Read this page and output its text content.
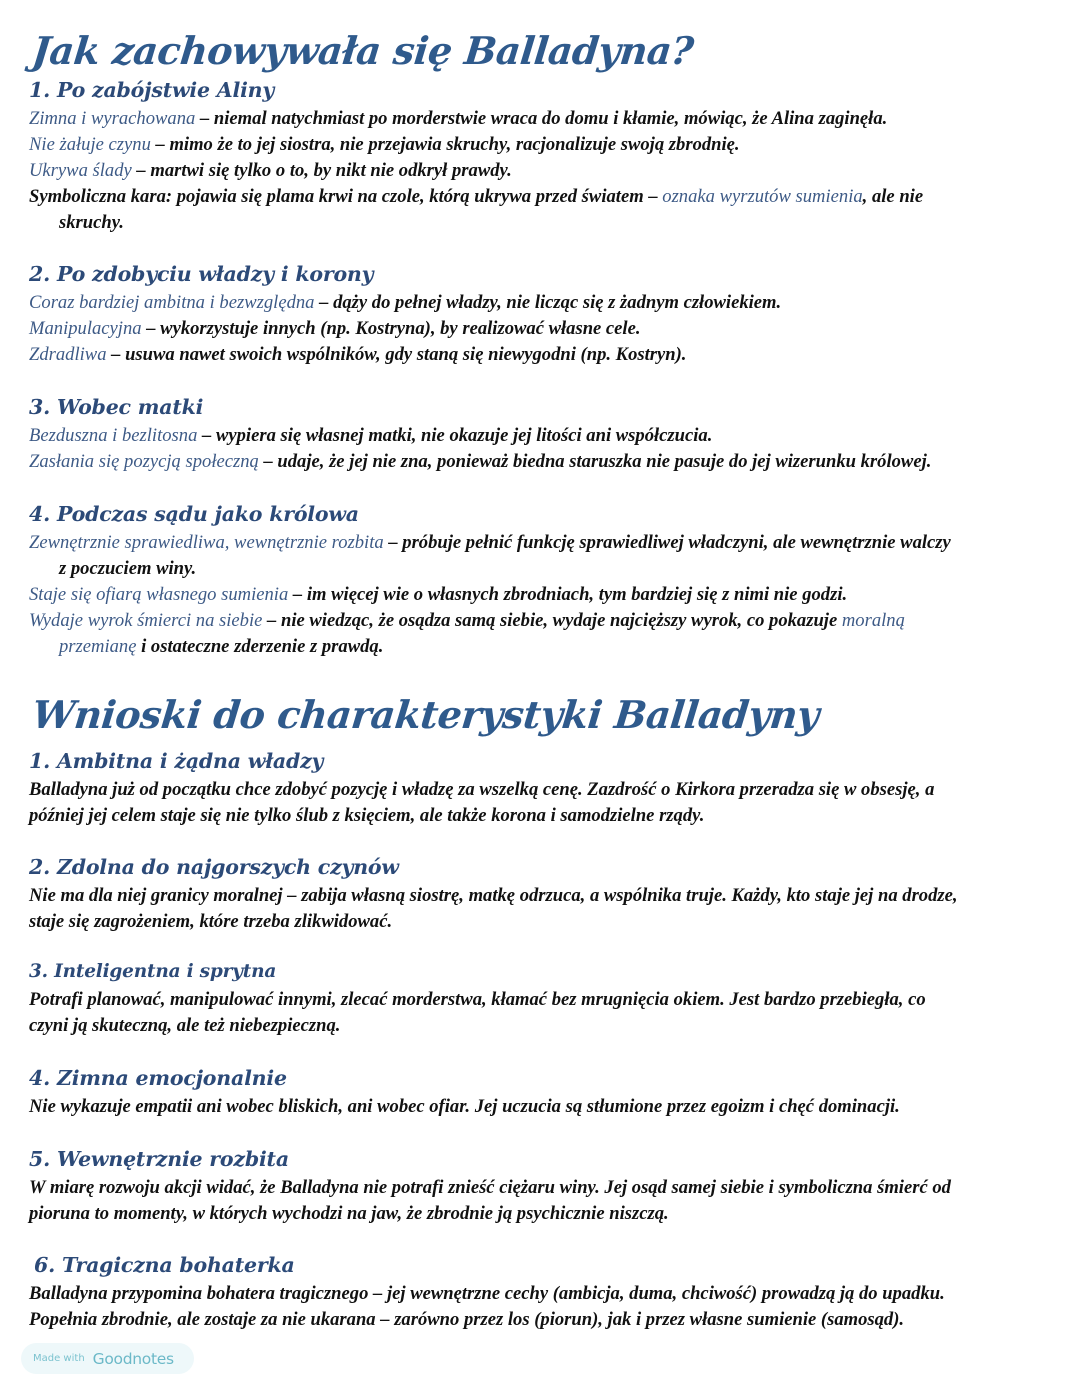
Jak zachowywała się Balladyna?
1. Po zabójstwie Aliny
Zimna i wyrachowana – niemal natychmiast po morderstwie wraca do domu i kłamie, mówiąc, że Alina zaginęła.
Nie żałuje czynu – mimo że to jej siostra, nie przejawia skruchy, racjonalizuje swoją zbrodnię.
Ukrywa ślady – martwi się tylko o to, by nikt nie odkrył prawdy.
Symboliczna kara: pojawia się plama krwi na czole, którą ukrywa przed światem – oznaka wyrzutów sumienia, ale nie
skruchy.
2. Po zdobyciu władzy i korony
Coraz bardziej ambitna i bezwzględna – dąży do pełnej władzy, nie licząc się z żadnym człowiekiem.
Manipulacyjna – wykorzystuje innych (np. Kostryna), by realizować własne cele.
Zdradliwa – usuwa nawet swoich wspólników, gdy staną się niewygodni (np. Kostryn).
3. Wobec matki
Bezduszna i bezlitosna – wypiera się własnej matki, nie okazuje jej litości ani współczucia.
Zasłania się pozycją społeczną – udaje, że jej nie zna, ponieważ biedna staruszka nie pasuje do jej wizerunku królowej.
4. Podczas sądu jako królowa
Zewnętrznie sprawiedliwa, wewnętrznie rozbita – próbuje pełnić funkcję sprawiedliwej władczyni, ale wewnętrznie walczy
z poczuciem winy.
Staje się ofiarą własnego sumienia – im więcej wie o własnych zbrodniach, tym bardziej się z nimi nie godzi.
Wydaje wyrok śmierci na siebie – nie wiedząc, że osądza samą siebie, wydaje najcięższy wyrok, co pokazuje moralną
przemianę i ostateczne zderzenie z prawdą.
Wnioski do charakterystyki Balladyny
1. Ambitna i żądna władzy
Balladyna już od początku chce zdobyć pozycję i władzę za wszelką cenę. Zazdrość o Kirkora przeradza się w obsesję, a
później jej celem staje się nie tylko ślub z księciem, ale także korona i samodzielne rządy.
2. Zdolna do najgorszych czynów
Nie ma dla niej granicy moralnej – zabija własną siostrę, matkę odrzuca, a wspólnika truje. Każdy, kto staje jej na drodze,
staje się zagrożeniem, które trzeba zlikwidować.
3. Inteligentna i sprytna
Potrafi planować, manipulować innymi, zlecać morderstwa, kłamać bez mrugnięcia okiem. Jest bardzo przebiegła, co
czyni ją skuteczną, ale też niebezpieczną.
4. Zimna emocjonalnie
Nie wykazuje empatii ani wobec bliskich, ani wobec ofiar. Jej uczucia są stłumione przez egoizm i chęć dominacji.
5. Wewnętrznie rozbita
W miarę rozwoju akcji widać, że Balladyna nie potrafi znieść ciężaru winy. Jej osąd samej siebie i symboliczna śmierć od
pioruna to momenty, w których wychodzi na jaw, że zbrodnie ją psychicznie niszczą.
6. Tragiczna bohaterka
Balladyna przypomina bohatera tragicznego – jej wewnętrzne cechy (ambicja, duma, chciwość) prowadzą ją do upadku.
Popełnia zbrodnie, ale zostaje za nie ukarana – zarówno przez los (piorun), jak i przez własne sumienie (samosąd).
Made with Goodnotes
